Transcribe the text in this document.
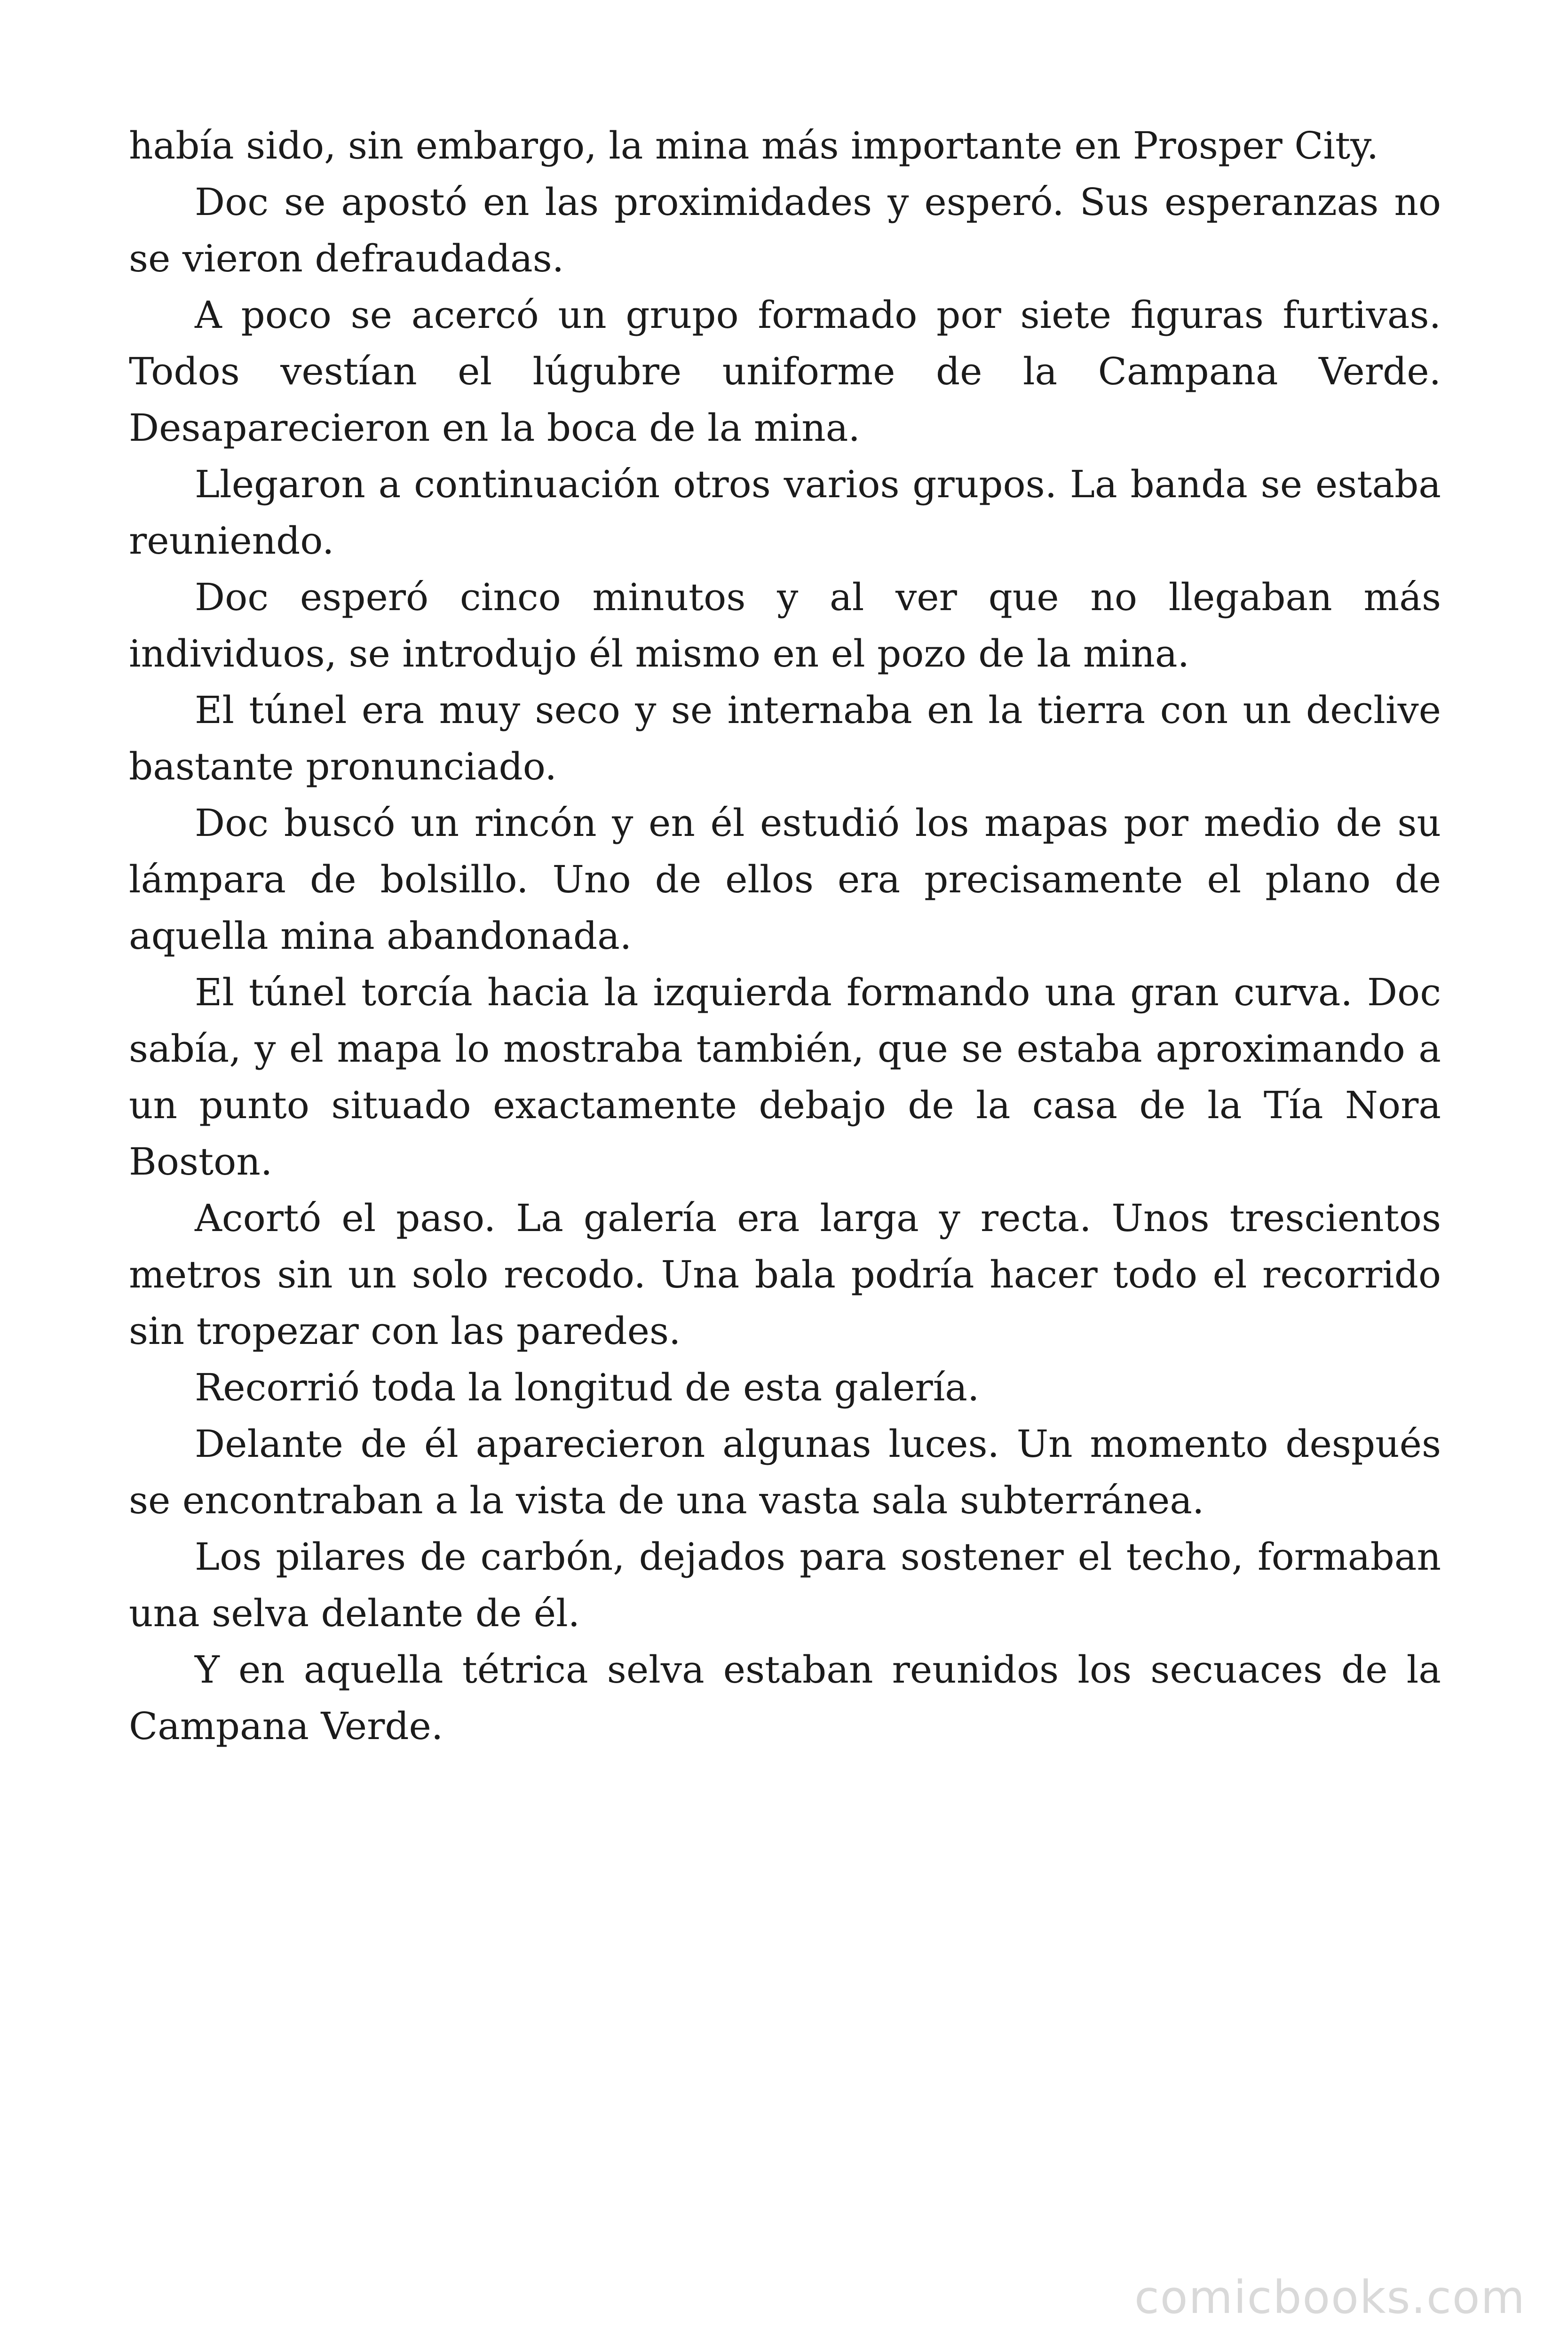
había sido, sin embargo, la mina más importante en Prosper City.

Doc se apostó en las proximidades y esperó. Sus esperanzas no se vieron defraudadas.

A poco se acercó un grupo formado por siete figuras furtivas. Todos vestían el lúgubre uniforme de la Campana Verde. Desaparecieron en la boca de la mina.

Llegaron a continuación otros varios grupos. La banda se estaba reuniendo.

Doc esperó cinco minutos y al ver que no llegaban más individuos, se introdujo él mismo en el pozo de la mina.

El túnel era muy seco y se internaba en la tierra con un declive bastante pronunciado.

Doc buscó un rincón y en él estudió los mapas por medio de su lámpara de bolsillo. Uno de ellos era precisamente el plano de aquella mina abandonada.

El túnel torcía hacia la izquierda formando una gran curva. Doc sabía, y el mapa lo mostraba también, que se estaba aproximando a un punto situado exactamente debajo de la casa de la Tía Nora Boston.

Acortó el paso. La galería era larga y recta. Unos trescientos metros sin un solo recodo. Una bala podría hacer todo el recorrido sin tropezar con las paredes.

Recorrió toda la longitud de esta galería.

Delante de él aparecieron algunas luces. Un momento después se encontraban a la vista de una vasta sala subterránea.

Los pilares de carbón, dejados para sostener el techo, formaban una selva delante de él.

Y en aquella tétrica selva estaban reunidos los secuaces de la Campana Verde.

comicbooks.com
